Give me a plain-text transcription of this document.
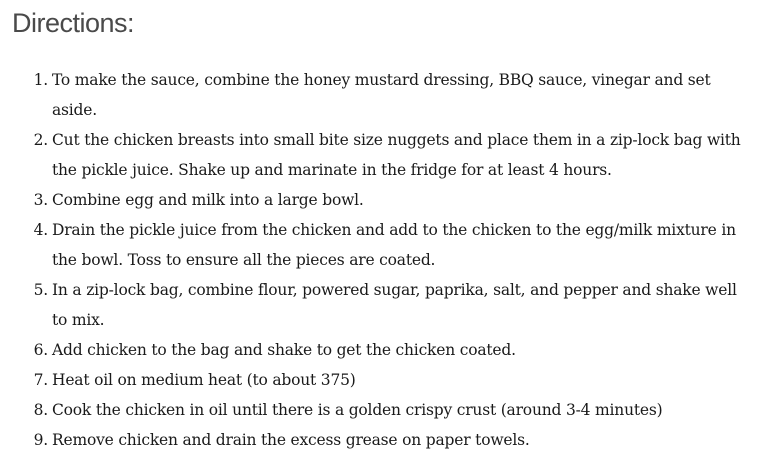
Directions:
1. To make the sauce, combine the honey mustard dressing, BBQ sauce, vinegar and set aside.
2. Cut the chicken breasts into small bite size nuggets and place them in a zip-lock bag with the pickle juice. Shake up and marinate in the fridge for at least 4 hours.
3. Combine egg and milk into a large bowl.
4. Drain the pickle juice from the chicken and add to the chicken to the egg/milk mixture in the bowl. Toss to ensure all the pieces are coated.
5. In a zip-lock bag, combine flour, powered sugar, paprika, salt, and pepper and shake well to mix.
6. Add chicken to the bag and shake to get the chicken coated.
7. Heat oil on medium heat (to about 375)
8. Cook the chicken in oil until there is a golden crispy crust (around 3-4 minutes)
9. Remove chicken and drain the excess grease on paper towels.
